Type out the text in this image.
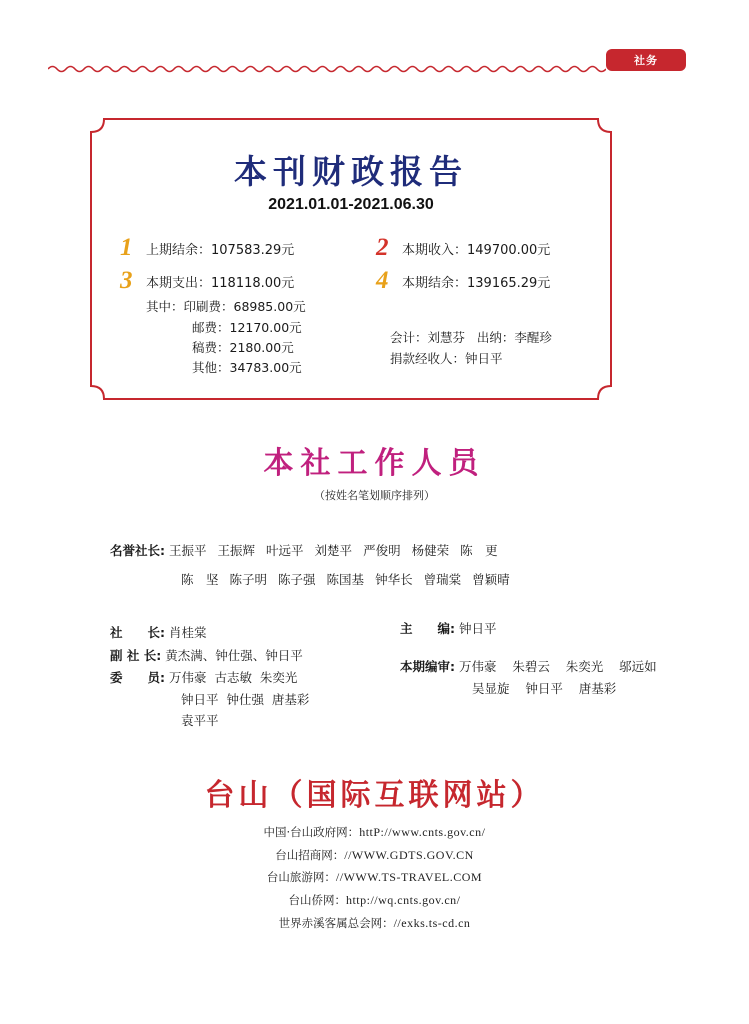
社务
本刊财政报告
2021.01.01-2021.06.30
1	上期结余：107583.29元	2	本期收入：149700.00元
3	本期支出：118118.00元	4	本期结余：139165.29元
其中：印刷费：68985.00元
邮费：12170.00元
稿费：2180.00元
其他：34783.00元
会计：刘慧芬   出纳：李醒珍
捐款经收人：钟日平
本社工作人员
（按姓名笔划顺序排列）
名誉社长: 王振平 王振辉 叶远平 刘楚平 严俊明 杨健荣 陈　更
陈　坚 陈子明 陈子强 陈国基 钟华长 曾瑞棠 曾颖晴
社　　长: 肖桂棠
副 社 长: 黄杰满、钟仕强、钟日平
委　　员: 万伟豪  古志敏  朱奕光
钟日平  钟仕强  唐基彩
袁平平
主　　编: 钟日平
本期编审: 万伟豪    朱碧云    朱奕光    邬远如
吴显旋    钟日平    唐基彩
台山（国际互联网站）
中国·台山政府网：httP://www.cnts.gov.cn/
台山招商网：//WWW.GDTS.GOV.CN
台山旅游网：//WWW.TS-TRAVEL.COM
台山侨网：http://wq.cnts.gov.cn/
世界赤溪客属总会网：//exks.ts-cd.cn
